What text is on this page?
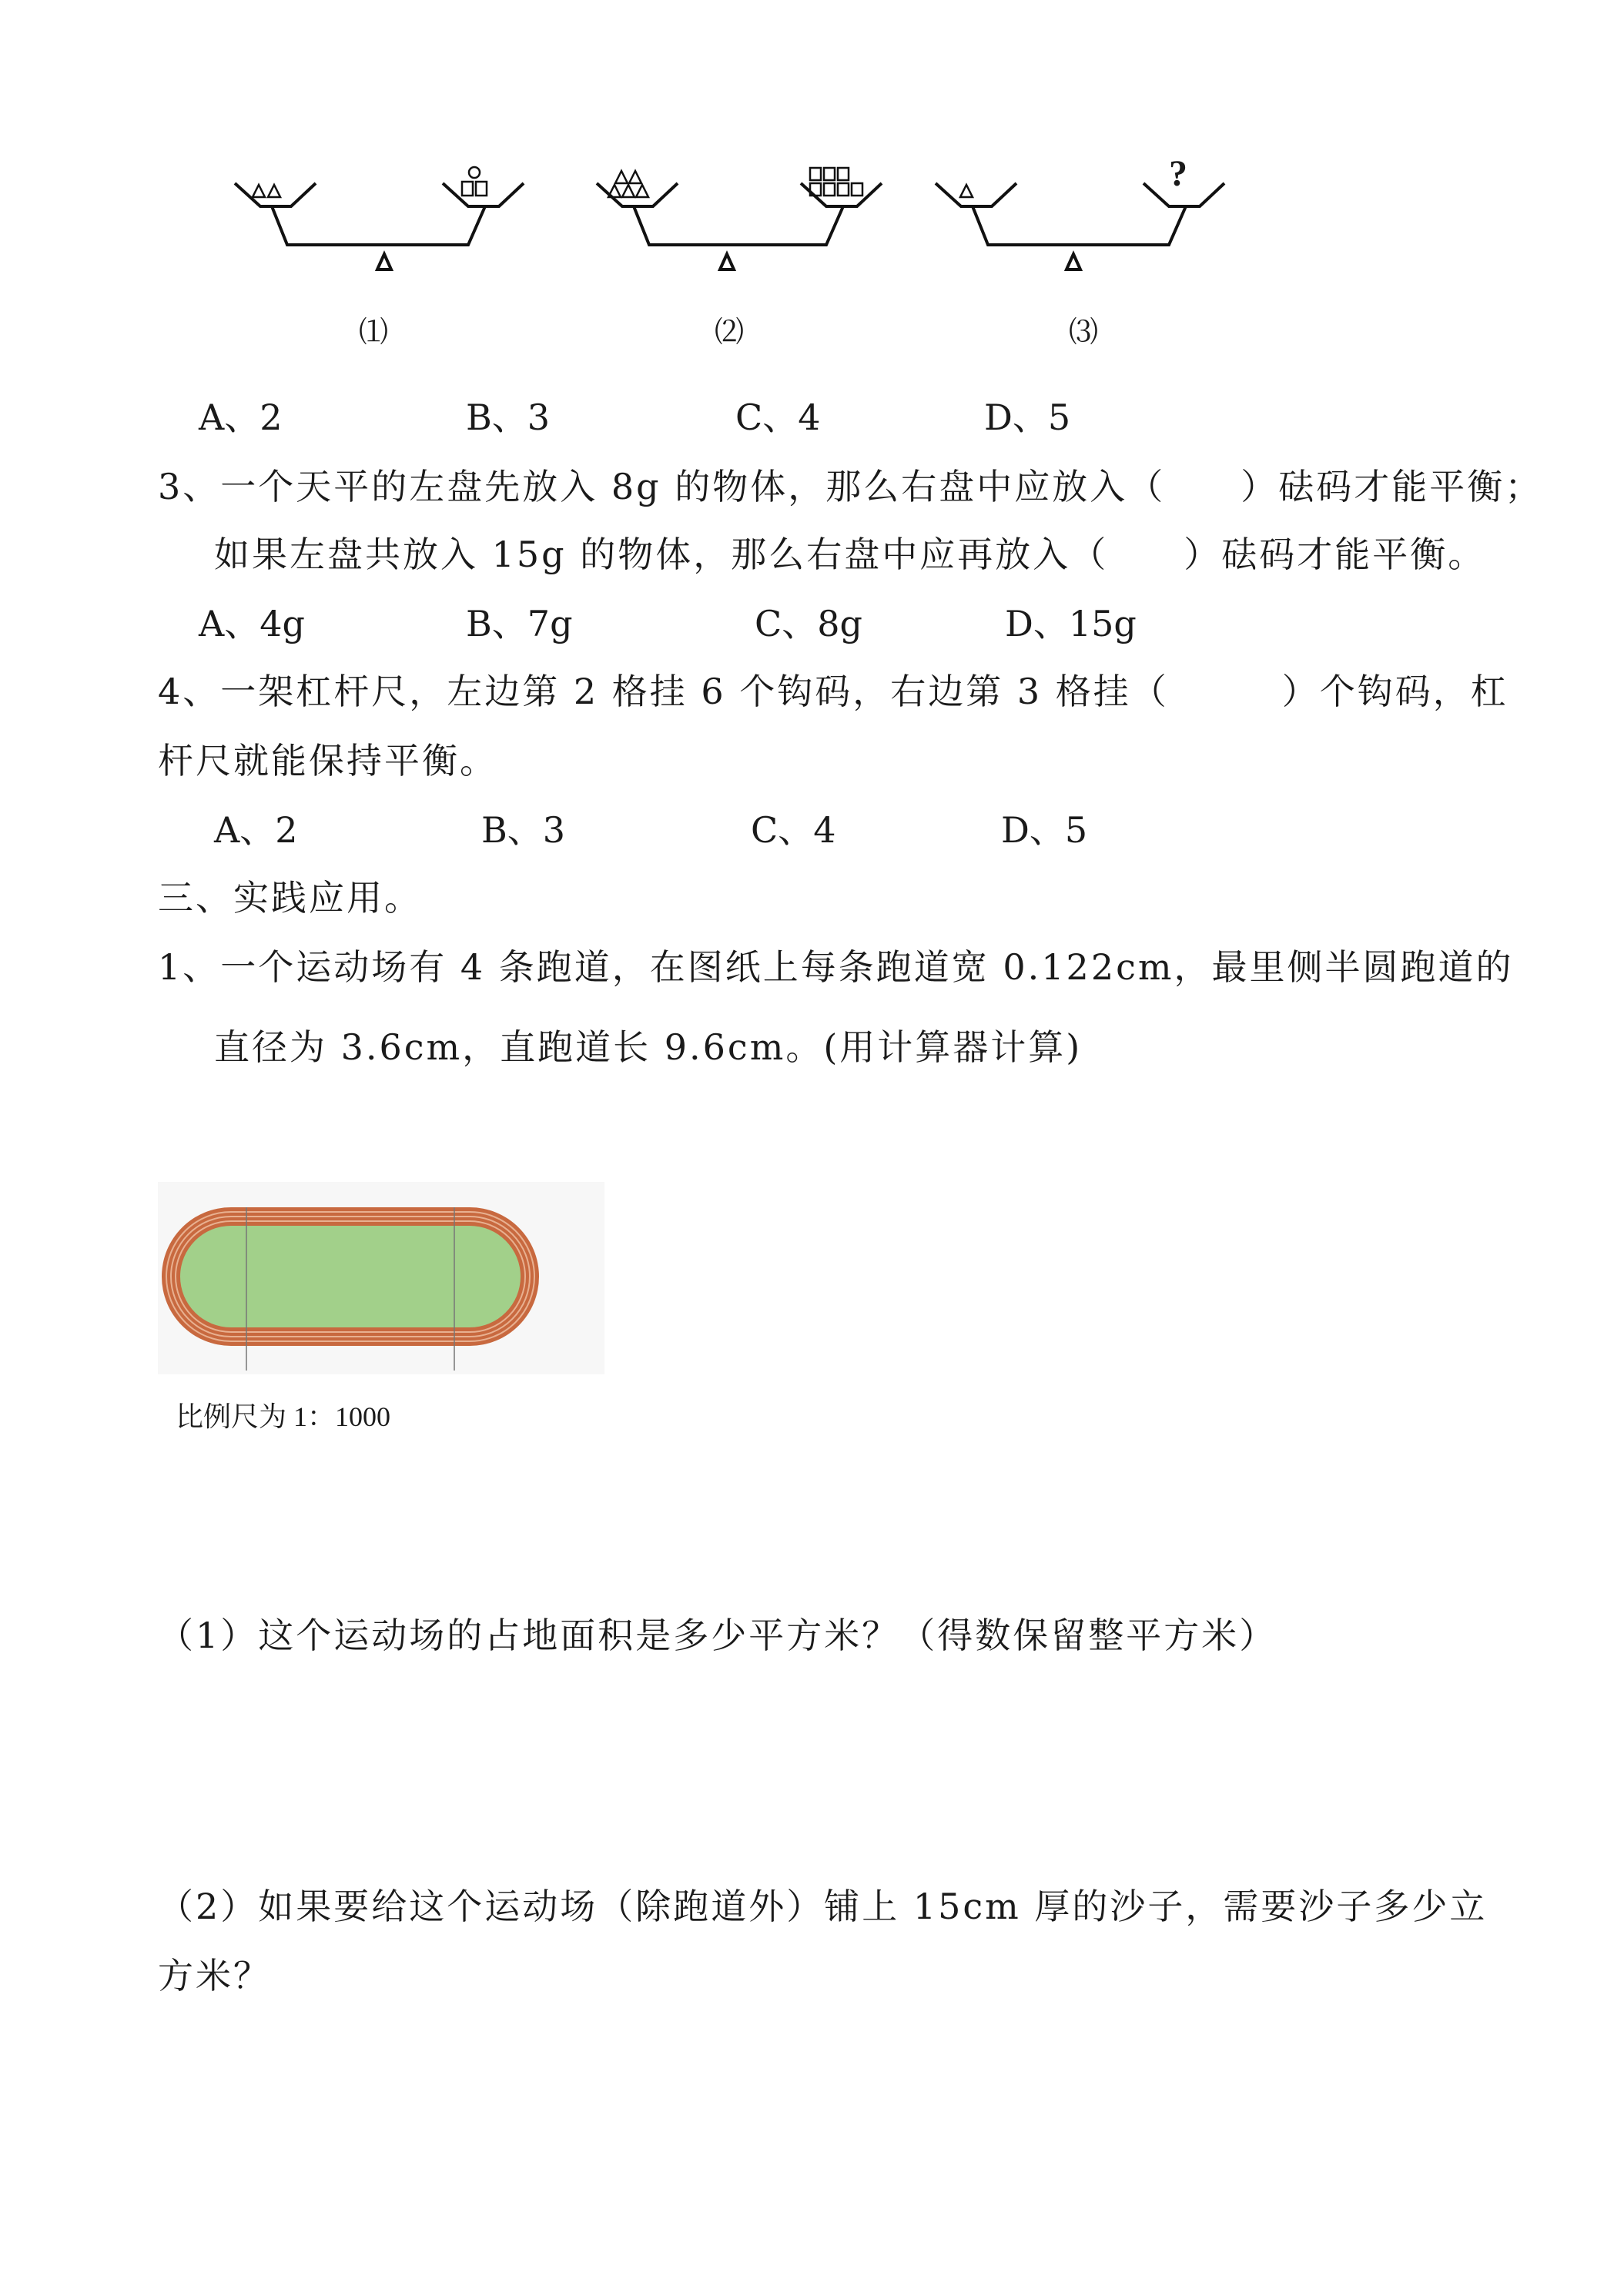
?
⑴	⑵	⑶
A、2	B、3	C、4	D、5
3、一个天平的左盘先放入 8g 的物体，那么右盘中应放入（　　）砝码才能平衡；
如果左盘共放入 15g 的物体，那么右盘中应再放入（　　）砝码才能平衡。
A、4g	B、7g	C、8g	D、15g
4、一架杠杆尺，左边第 2 格挂 6 个钩码，右边第 3 格挂（　　　）个钩码，杠
杆尺就能保持平衡。
A、2	B、3	C、4	D、5
三、实践应用。
1、一个运动场有 4 条跑道，在图纸上每条跑道宽 0.122cm，最里侧半圆跑道的
直径为 3.6cm，直跑道长 9.6cm。(用计算器计算)
比例尺为 1：1000
（1）这个运动场的占地面积是多少平方米？（得数保留整平方米）
（2）如果要给这个运动场（除跑道外）铺上 15cm 厚的沙子，需要沙子多少立
方米？
